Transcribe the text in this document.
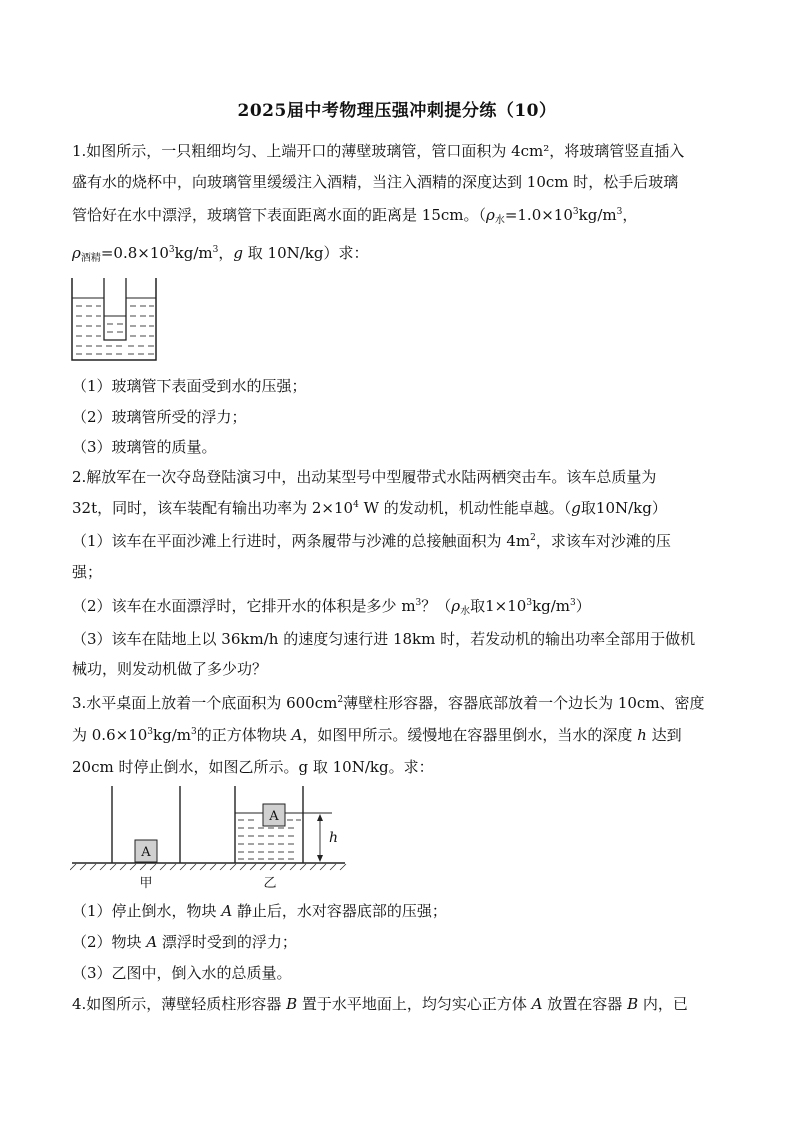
2025届中考物理压强冲刺提分练（10）
1.如图所示，一只粗细均匀、上端开口的薄壁玻璃管，管口面积为 4cm²，将玻璃管竖直插入
盛有水的烧杯中，向玻璃管里缓缓注入酒精，当注入酒精的深度达到 10cm 时，松手后玻璃
管恰好在水中漂浮，玻璃管下表面距离水面的距离是 15cm。（$\rho_水=1.0\times 10^3kg/m^3$，
$\rho_{酒精}=0.8\times 10^3kg/m^3$，g 取 10N/kg）求：
（1）玻璃管下表面受到水的压强；
（2）玻璃管所受的浮力；
（3）玻璃管的质量。
2.解放军在一次夺岛登陆演习中，出动某型号中型履带式水陆两栖突击车。该车总质量为
32t，同时，该车装配有输出功率为 $2\times 10^4$ W 的发动机，机动性能卓越。（g取10N/kg）
（1）该车在平面沙滩上行进时，两条履带与沙滩的总接触面积为 $4m^2$，求该车对沙滩的压
强；
（2）该车在水面漂浮时，它排开水的体积是多少 $m^3$？（$\rho_水$取$1\times 10^3kg/m^3$）
（3）该车在陆地上以 36km/h 的速度匀速行进 18km 时，若发动机的输出功率全部用于做机
械功，则发动机做了多少功？
3.水平桌面上放着一个底面积为 $600cm^2$薄壁柱形容器，容器底部放着一个边长为 10cm、密度
为 $0.6\times 10^3kg/m^3$的正方体物块 A，如图甲所示。缓慢地在容器里倒水，当水的深度 h 达到
20cm 时停止倒水，如图乙所示。g 取 10N/kg。求：
A
A
h
甲	乙
（1）停止倒水，物块 A 静止后，水对容器底部的压强；
（2）物块 A 漂浮时受到的浮力；
（3）乙图中，倒入水的总质量。
4.如图所示，薄壁轻质柱形容器 B 置于水平地面上，均匀实心正方体 A 放置在容器 B 内，已
